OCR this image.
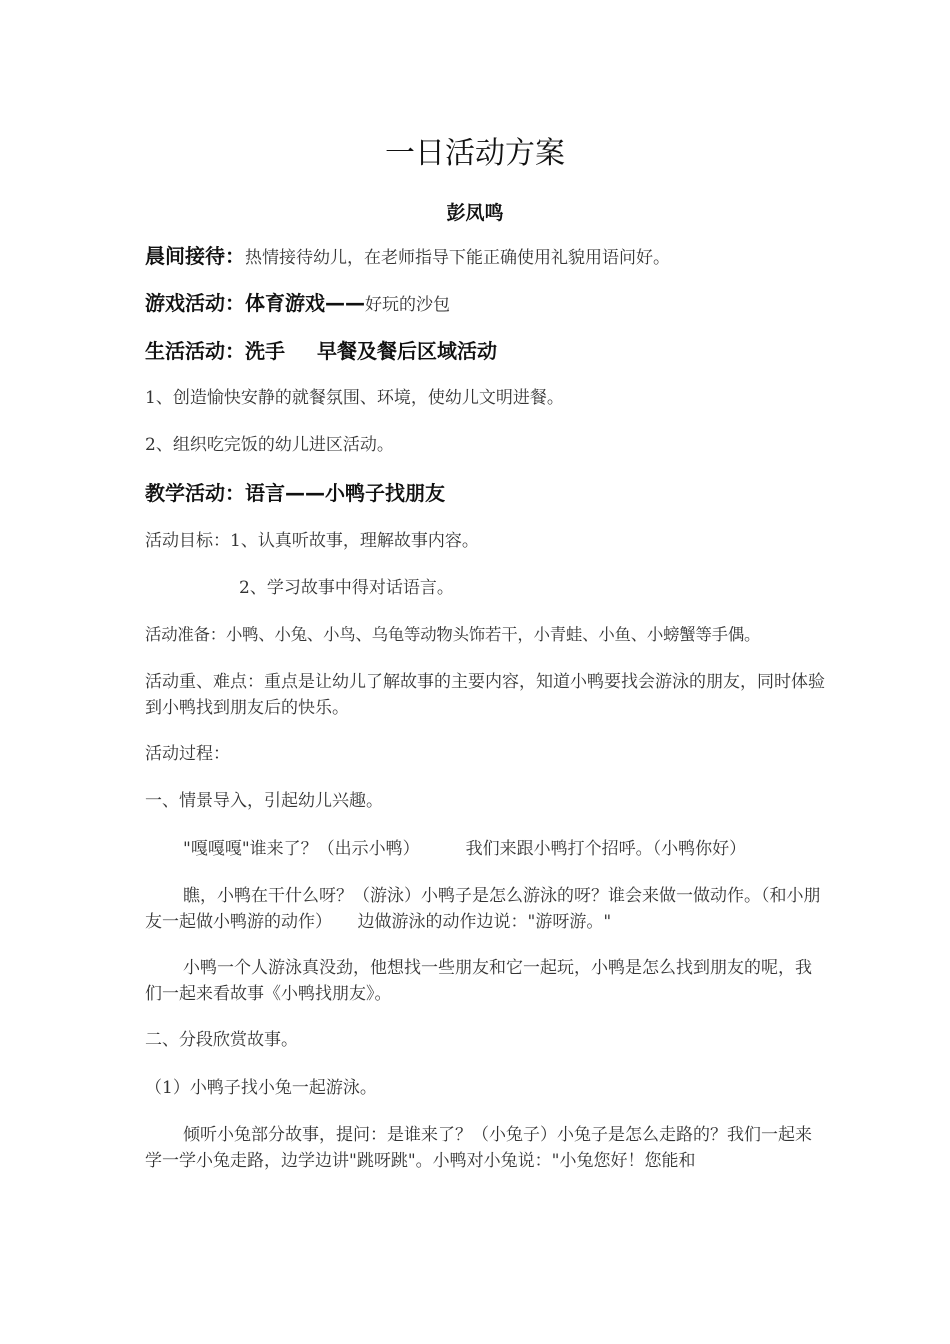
一日活动方案
彭凤鸣
晨间接待：热情接待幼儿，在老师指导下能正确使用礼貌用语问好。
游戏活动：体育游戏——好玩的沙包
生活活动：洗手 早餐及餐后区域活动
1、创造愉快安静的就餐氛围、环境，使幼儿文明进餐。
2、组织吃完饭的幼儿进区活动。
教学活动：语言——小鸭子找朋友
活动目标：1、认真听故事，理解故事内容。
2、学习故事中得对话语言。
活动准备：小鸭、小兔、小鸟、乌龟等动物头饰若干，小青蛙、小鱼、小螃蟹等手偶。
活动重、难点：重点是让幼儿了解故事的主要内容，知道小鸭要找会游泳的朋友，同时体验到小鸭找到朋友后的快乐。
活动过程：
一、情景导入，引起幼儿兴趣。
"嘎嘎嘎"谁来了？（出示小鸭）	我们来跟小鸭打个招呼。（小鸭你好）
瞧，小鸭在干什么呀？（游泳）小鸭子是怎么游泳的呀？谁会来做一做动作。（和小朋友一起做小鸭游的动作）　　边做游泳的动作边说："游呀游。"
小鸭一个人游泳真没劲，他想找一些朋友和它一起玩，小鸭是怎么找到朋友的呢，我们一起来看故事《小鸭找朋友》。
二、分段欣赏故事。
（1）小鸭子找小兔一起游泳。
倾听小兔部分故事，提问：是谁来了？（小兔子）小兔子是怎么走路的？我们一起来学一学小兔走路，边学边讲"跳呀跳"。小鸭对小兔说："小兔您好！您能和
